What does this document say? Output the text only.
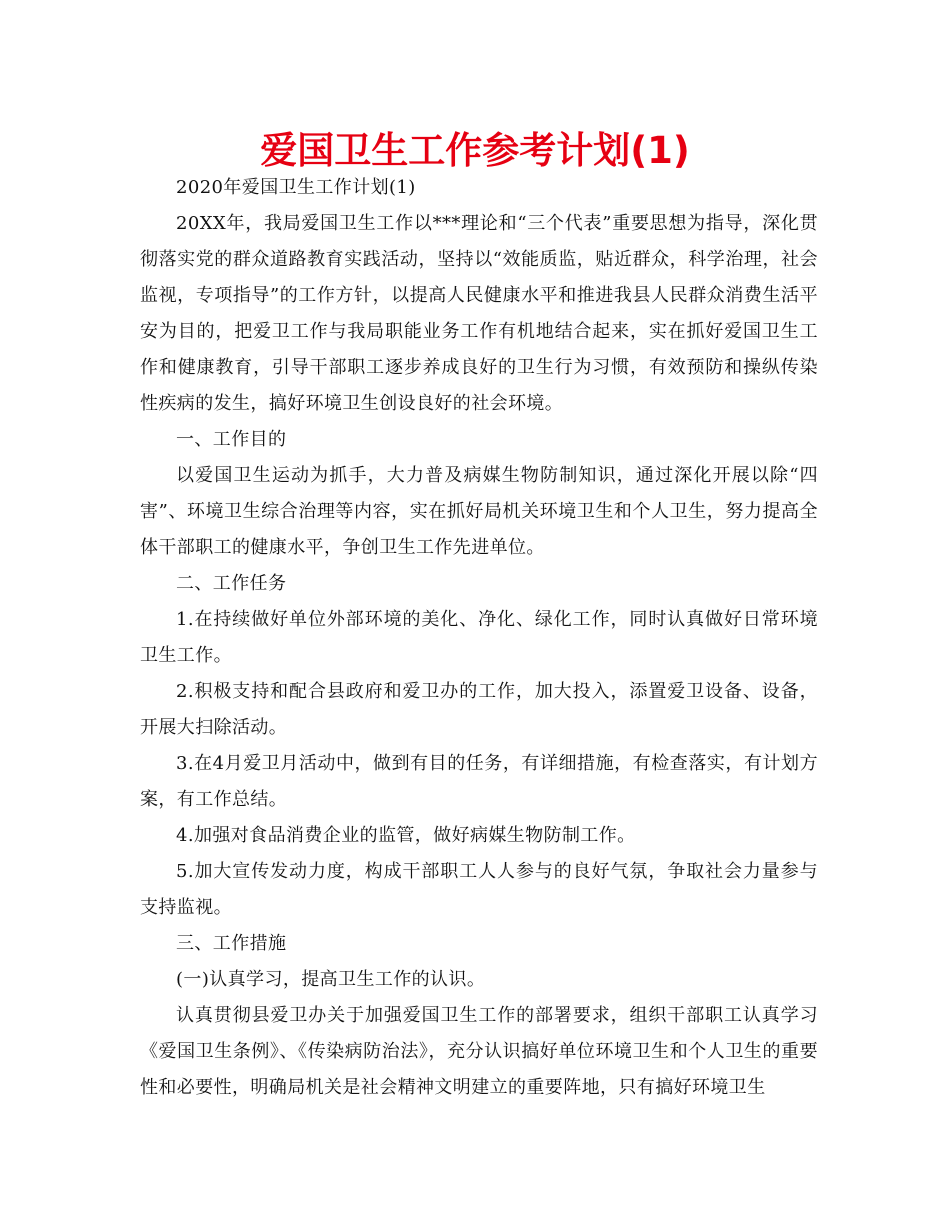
爱国卫生工作参考计划(1)

2020年爱国卫生工作计划(1)

20XX年，我局爱国卫生工作以***理论和“三个代表”重要思想为指导，深化贯彻落实党的群众道路教育实践活动，坚持以“效能质监，贴近群众，科学治理，社会监视，专项指导”的工作方针，以提高人民健康水平和推进我县人民群众消费生活平安为目的，把爱卫工作与我局职能业务工作有机地结合起来，实在抓好爱国卫生工作和健康教育，引导干部职工逐步养成良好的卫生行为习惯，有效预防和操纵传染性疾病的发生，搞好环境卫生创设良好的社会环境。

一、工作目的

以爱国卫生运动为抓手，大力普及病媒生物防制知识，通过深化开展以除“四害”、环境卫生综合治理等内容，实在抓好局机关环境卫生和个人卫生，努力提高全体干部职工的健康水平，争创卫生工作先进单位。

二、工作任务

1.在持续做好单位外部环境的美化、净化、绿化工作，同时认真做好日常环境卫生工作。

2.积极支持和配合县政府和爱卫办的工作，加大投入，添置爱卫设备、设备，开展大扫除活动。

3.在4月爱卫月活动中，做到有目的任务，有详细措施，有检查落实，有计划方案，有工作总结。

4.加强对食品消费企业的监管，做好病媒生物防制工作。

5.加大宣传发动力度，构成干部职工人人参与的良好气氛，争取社会力量参与支持监视。

三、工作措施

(一)认真学习，提高卫生工作的认识。

认真贯彻县爱卫办关于加强爱国卫生工作的部署要求，组织干部职工认真学习《爱国卫生条例》、《传染病防治法》，充分认识搞好单位环境卫生和个人卫生的重要性和必要性，明确局机关是社会精神文明建立的重要阵地，只有搞好环境卫生
